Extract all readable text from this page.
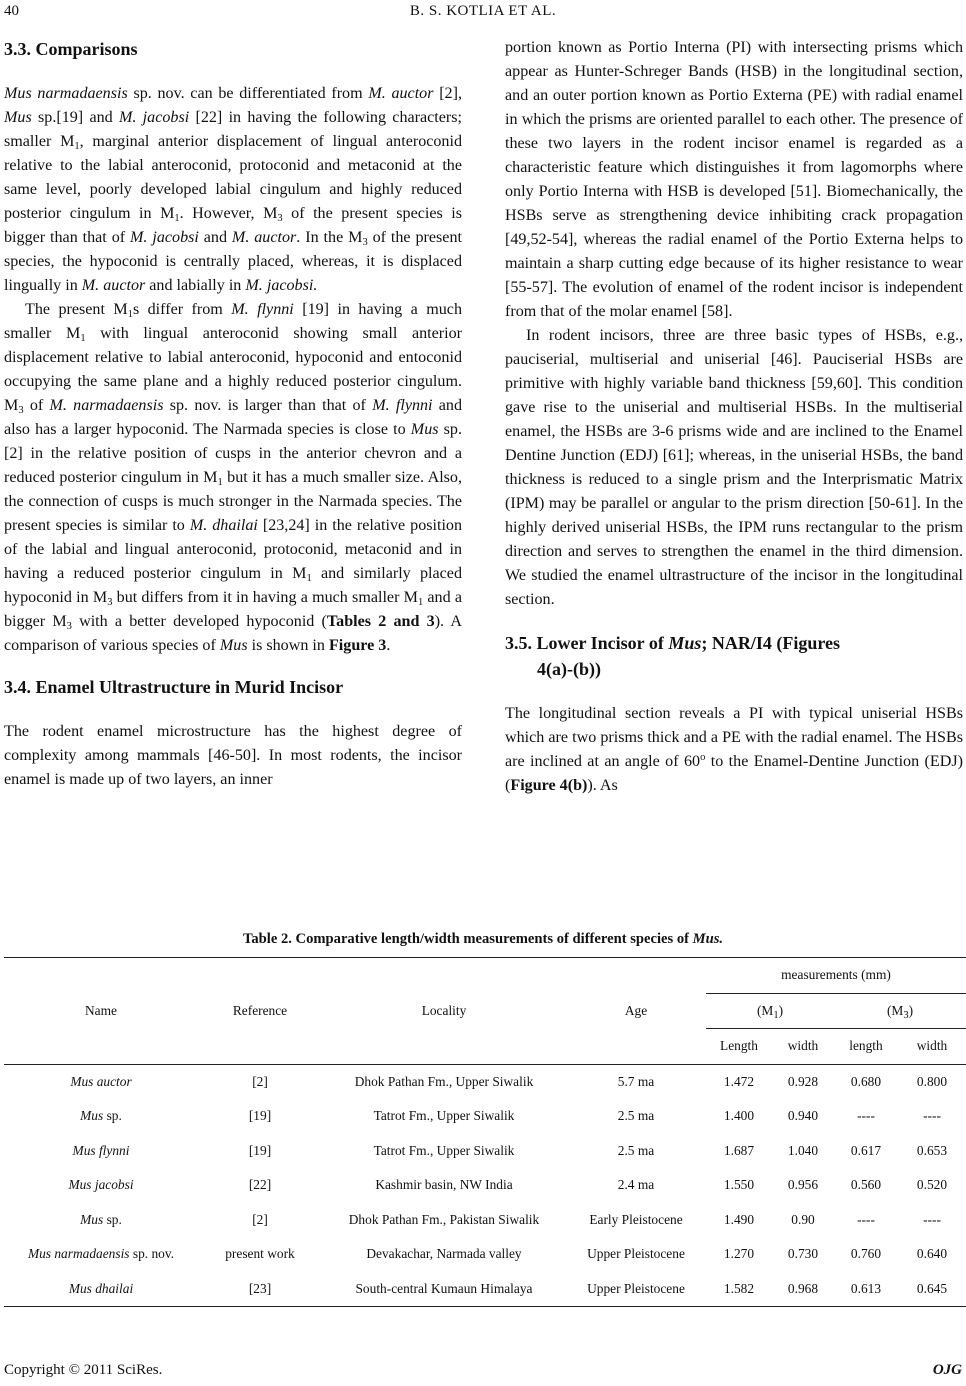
40	B. S. KOTLIA ET AL.
3.3. Comparisons

Mus narmadaensis sp. nov. can be differentiated from M. auctor [2], Mus sp.[19] and M. jacobsi [22] in having the following characters; smaller $M_1$, marginal anterior displacement of lingual anteroconid relative to the labial anteroconid, protoconid and metaconid at the same level, poorly developed labial cingulum and highly reduced posterior cingulum in $M_1$. However, $M_3$ of the present species is bigger than that of M. jacobsi and M. auctor. In the $M_3$ of the present species, the hypoconid is centrally placed, whereas, it is displaced lingually in M. auctor and labially in M. jacobsi.

The present $M_1s$ differ from M. flynni [19] in having a much smaller $M_1$ with lingual anteroconid showing small anterior displacement relative to labial anteroconid, hypoconid and entoconid occupying the same plane and a highly reduced posterior cingulum. $M_3$ of M. narmadaensis sp. nov. is larger than that of M. flynni and also has a larger hypoconid. The Narmada species is close to Mus sp. [2] in the relative position of cusps in the anterior chevron and a reduced posterior cingulum in $M_1$ but it has a much smaller size. Also, the connection of cusps is much stronger in the Narmada species. The present species is similar to M. dhailai [23,24] in the relative position of the labial and lingual anteroconid, protoconid, metaconid and in having a reduced posterior cingulum in $M_1$ and similarly placed hypoconid in $M_3$ but differs from it in having a much smaller $M_1$ and a bigger $M_3$ with a better developed hypoconid (Tables 2 and 3). A comparison of various species of Mus is shown in Figure 3.

3.4. Enamel Ultrastructure in Murid Incisor

The rodent enamel microstructure has the highest degree of complexity among mammals [46-50]. In most rodents, the incisor enamel is made up of two layers, an inner

portion known as Portio Interna (PI) with intersecting prisms which appear as Hunter-Schreger Bands (HSB) in the longitudinal section, and an outer portion known as Portio Externa (PE) with radial enamel in which the prisms are oriented parallel to each other. The presence of these two layers in the rodent incisor enamel is regarded as a characteristic feature which distinguishes it from lagomorphs where only Portio Interna with HSB is developed [51]. Biomechanically, the HSBs serve as strengthening device inhibiting crack propagation [49,52-54], whereas the radial enamel of the Portio Externa helps to maintain a sharp cutting edge because of its higher resistance to wear [55-57]. The evolution of enamel of the rodent incisor is independent from that of the molar enamel [58].

In rodent incisors, three are three basic types of HSBs, e.g., pauciserial, multiserial and uniserial [46]. Pauciserial HSBs are primitive with highly variable band thickness [59,60]. This condition gave rise to the uniserial and multiserial HSBs. In the multiserial enamel, the HSBs are 3-6 prisms wide and are inclined to the Enamel Dentine Junction (EDJ) [61]; whereas, in the uniserial HSBs, the band thickness is reduced to a single prism and the Interprismatic Matrix (IPM) may be parallel or angular to the prism direction [50-61]. In the highly derived uniserial HSBs, the IPM runs rectangular to the prism direction and serves to strengthen the enamel in the third dimension. We studied the enamel ultrastructure of the incisor in the longitudinal section.

3.5. Lower Incisor of Mus; NAR/I4 (Figures
4(a)-(b))

The longitudinal section reveals a PI with typical uniserial HSBs which are two prisms thick and a PE with the radial enamel. The HSBs are inclined at an angle of 60$^o$ to the Enamel-Dentine Junction (EDJ) (Figure 4(b)). As

Table 2. Comparative length/width measurements of different species of Mus.
Name	Reference	Locality	Age	measurements (mm)			
				$(M_1)$		$(M_3)$	
				Length	width	length	width
Mus auctor	[2]	Dhok Pathan Fm., Upper Siwalik	5.7 ma	1.472	0.928	0.680	0.800
Mus sp.	[19]	Tatrot Fm., Upper Siwalik	2.5 ma	1.400	0.940	----	----
Mus flynni	[19]	Tatrot Fm., Upper Siwalik	2.5 ma	1.687	1.040	0.617	0.653
Mus jacobsi	[22]	Kashmir basin, NW India	2.4 ma	1.550	0.956	0.560	0.520
Mus sp.	[2]	Dhok Pathan Fm., Pakistan Siwalik	Early Pleistocene	1.490	0.90	----	----
Mus narmadaensis sp. nov.	present work	Devakachar, Narmada valley	Upper Pleistocene	1.270	0.730	0.760	0.640
Mus dhailai	[23]	South-central Kumaun Himalaya	Upper Pleistocene	1.582	0.968	0.613	0.645
Copyright © 2011 SciRes.	OJG
